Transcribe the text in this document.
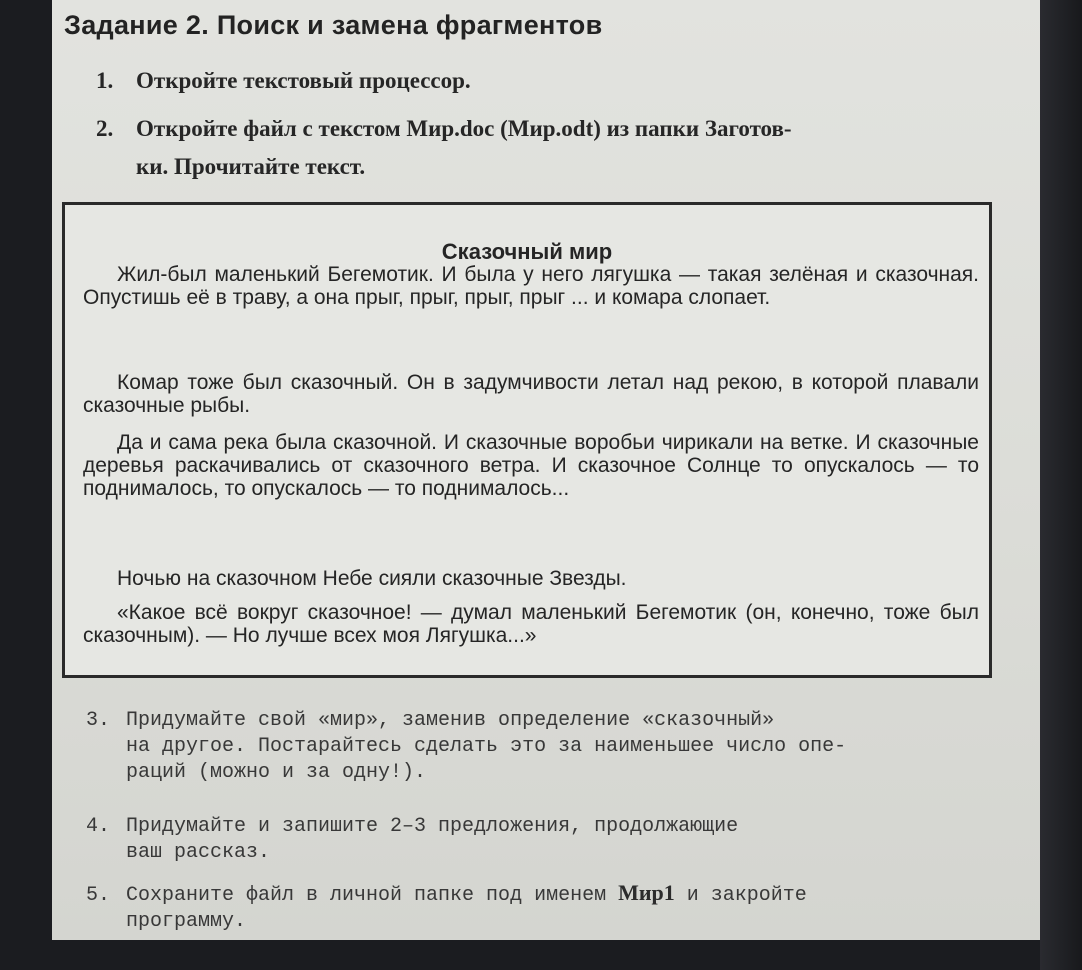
Задание 2. Поиск и замена фрагментов
1. Откройте текстовый процессор.
2. Откройте файл с текстом Мир.doc (Мир.odt) из папки Заготов-
ки. Прочитайте текст.
Сказочный мир

Жил-был маленький Бегемотик. И была у него лягушка — такая зелёная и сказочная. Опустишь её в траву, а она прыг, прыг, прыг, прыг ... и комара слопает.

Комар тоже был сказочный. Он в задумчивости летал над рекою, в которой плавали сказочные рыбы.

Да и сама река была сказочной. И сказочные воробьи чирикали на ветке. И сказочные деревья раскачивались от сказочного ветра. И сказочное Солнце то опускалось — то поднималось, то опускалось — то поднималось...

Ночью на сказочном Небе сияли сказочные Звезды.

«Какое всё вокруг сказочное! — думал маленький Бегемотик (он, конечно, тоже был сказочным). — Но лучше всех моя Лягушка...»

3. Придумайте свой «мир», заменив определение «сказочный»
на другое. Постарайтесь сделать это за наименьшее число опе-
раций (можно и за одну!).
4. Придумайте и запишите 2–3 предложения, продолжающие
ваш рассказ.
5. Сохраните файл в личной папке под именем Мир1 и закройте
программу.
